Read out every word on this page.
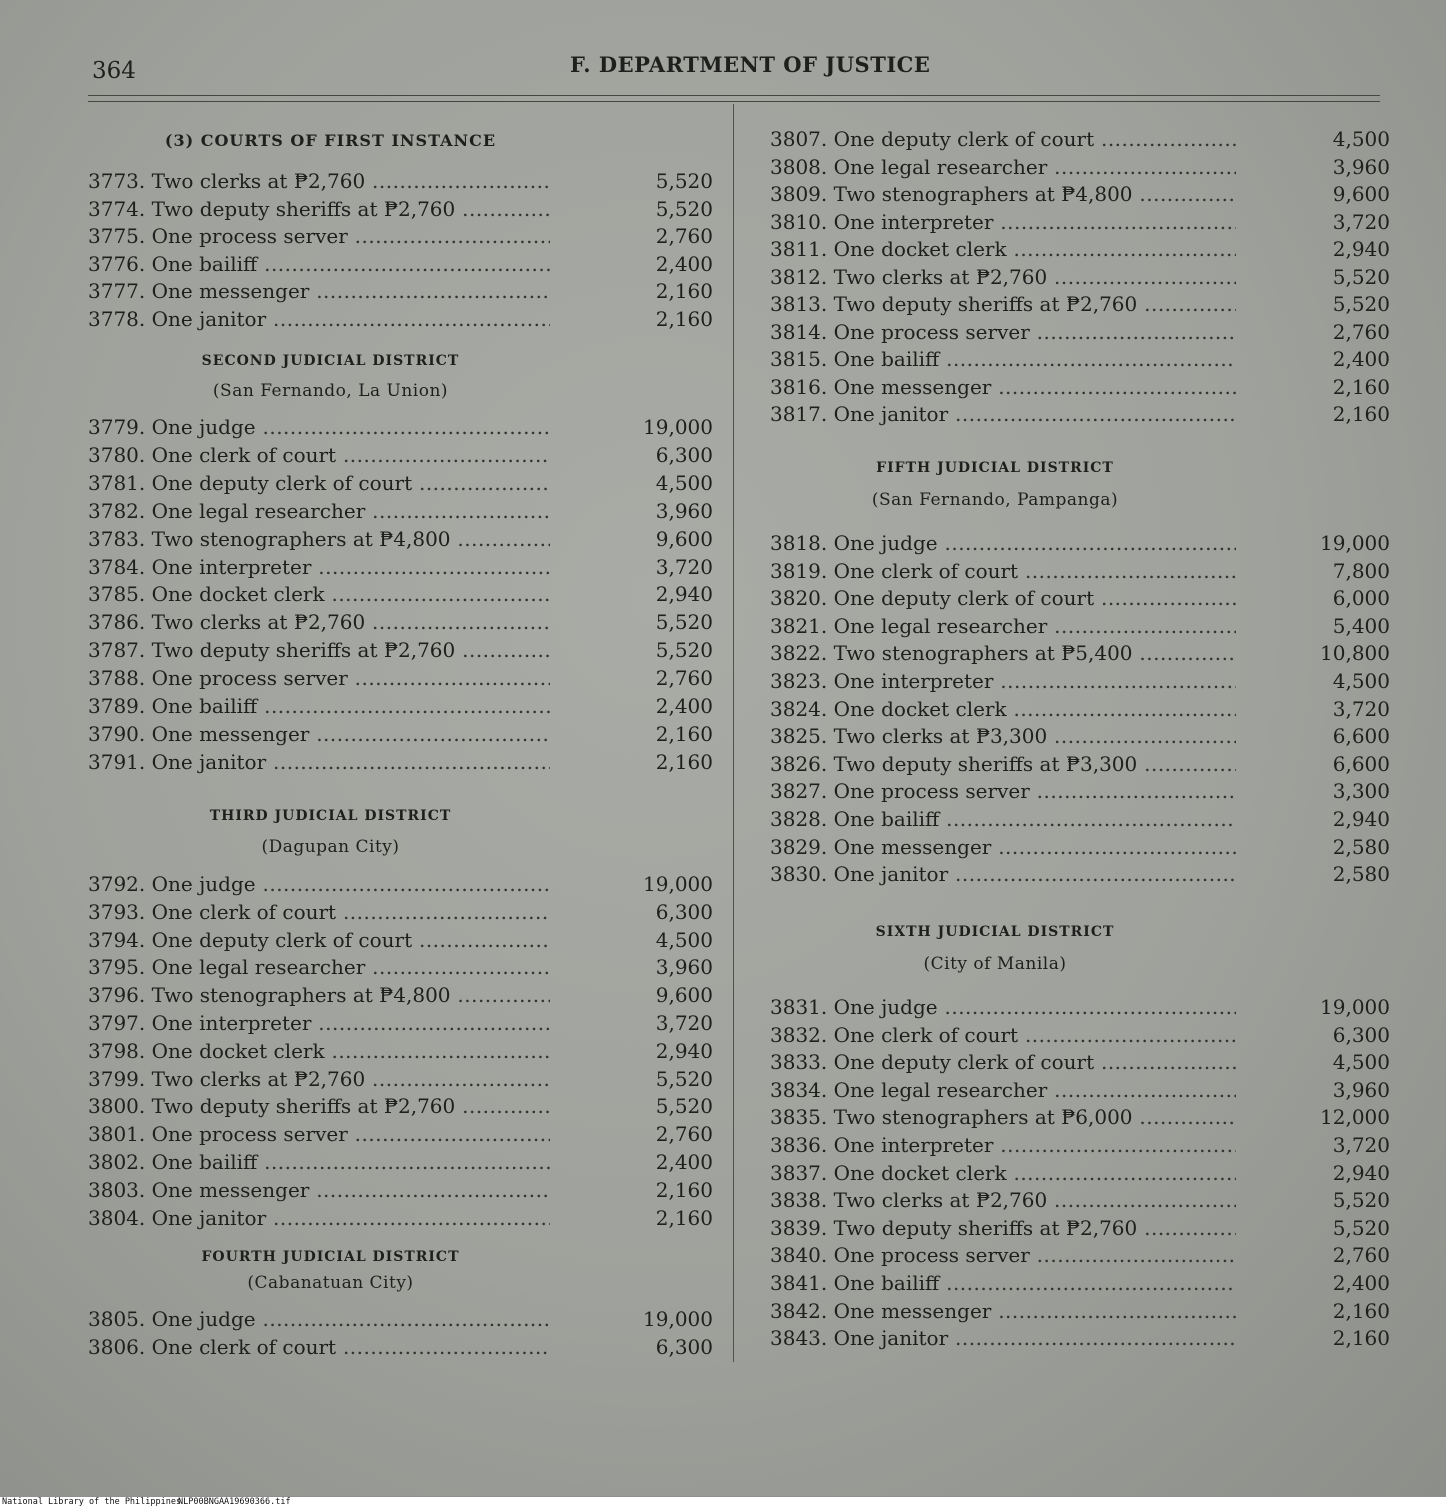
364	F. DEPARTMENT OF JUSTICE
(3) COURTS OF FIRST INSTANCE
3773. Two clerks at ₱2,760 .....	5,520
3774. Two deputy sheriffs at ₱2,760 .....	5,520
3775. One process server .....	2,760
3776. One bailiff .....	2,400
3777. One messenger .....	2,160
3778. One janitor .....	2,160
SECOND JUDICIAL DISTRICT
(San Fernando, La Union)
3779. One judge .....	19,000
3780. One clerk of court .....	6,300
3781. One deputy clerk of court .....	4,500
3782. One legal researcher .....	3,960
3783. Two stenographers at ₱4,800 .....	9,600
3784. One interpreter .....	3,720
3785. One docket clerk .....	2,940
3786. Two clerks at ₱2,760 .....	5,520
3787. Two deputy sheriffs at ₱2,760 .....	5,520
3788. One process server .....	2,760
3789. One bailiff .....	2,400
3790. One messenger .....	2,160
3791. One janitor .....	2,160
THIRD JUDICIAL DISTRICT
(Dagupan City)
3792. One judge .....	19,000
3793. One clerk of court .....	6,300
3794. One deputy clerk of court .....	4,500
3795. One legal researcher .....	3,960
3796. Two stenographers at ₱4,800 .....	9,600
3797. One interpreter .....	3,720
3798. One docket clerk .....	2,940
3799. Two clerks at ₱2,760 .....	5,520
3800. Two deputy sheriffs at ₱2,760 .....	5,520
3801. One process server .....	2,760
3802. One bailiff .....	2,400
3803. One messenger .....	2,160
3804. One janitor .....	2,160
FOURTH JUDICIAL DISTRICT
(Cabanatuan City)
3805. One judge .....	19,000
3806. One clerk of court .....	6,300
3807. One deputy clerk of court .....	4,500
3808. One legal researcher .....	3,960
3809. Two stenographers at ₱4,800 .....	9,600
3810. One interpreter .....	3,720
3811. One docket clerk .....	2,940
3812. Two clerks at ₱2,760 .....	5,520
3813. Two deputy sheriffs at ₱2,760 .....	5,520
3814. One process server .....	2,760
3815. One bailiff .....	2,400
3816. One messenger .....	2,160
3817. One janitor .....	2,160
FIFTH JUDICIAL DISTRICT
(San Fernando, Pampanga)
3818. One judge .....	19,000
3819. One clerk of court .....	7,800
3820. One deputy clerk of court .....	6,000
3821. One legal researcher .....	5,400
3822. Two stenographers at ₱5,400 .....	10,800
3823. One interpreter .....	4,500
3824. One docket clerk .....	3,720
3825. Two clerks at ₱3,300 .....	6,600
3826. Two deputy sheriffs at ₱3,300 .....	6,600
3827. One process server .....	3,300
3828. One bailiff .....	2,940
3829. One messenger .....	2,580
3830. One janitor .....	2,580
SIXTH JUDICIAL DISTRICT
(City of Manila)
3831. One judge .....	19,000
3832. One clerk of court .....	6,300
3833. One deputy clerk of court .....	4,500
3834. One legal researcher .....	3,960
3835. Two stenographers at ₱6,000 .....	12,000
3836. One interpreter .....	3,720
3837. One docket clerk .....	2,940
3838. Two clerks at ₱2,760 .....	5,520
3839. Two deputy sheriffs at ₱2,760 .....	5,520
3840. One process server .....	2,760
3841. One bailiff .....	2,400
3842. One messenger .....	2,160
3843. One janitor .....	2,160
National Library of the Philippines
NLP00BNGAA19690366.tif
